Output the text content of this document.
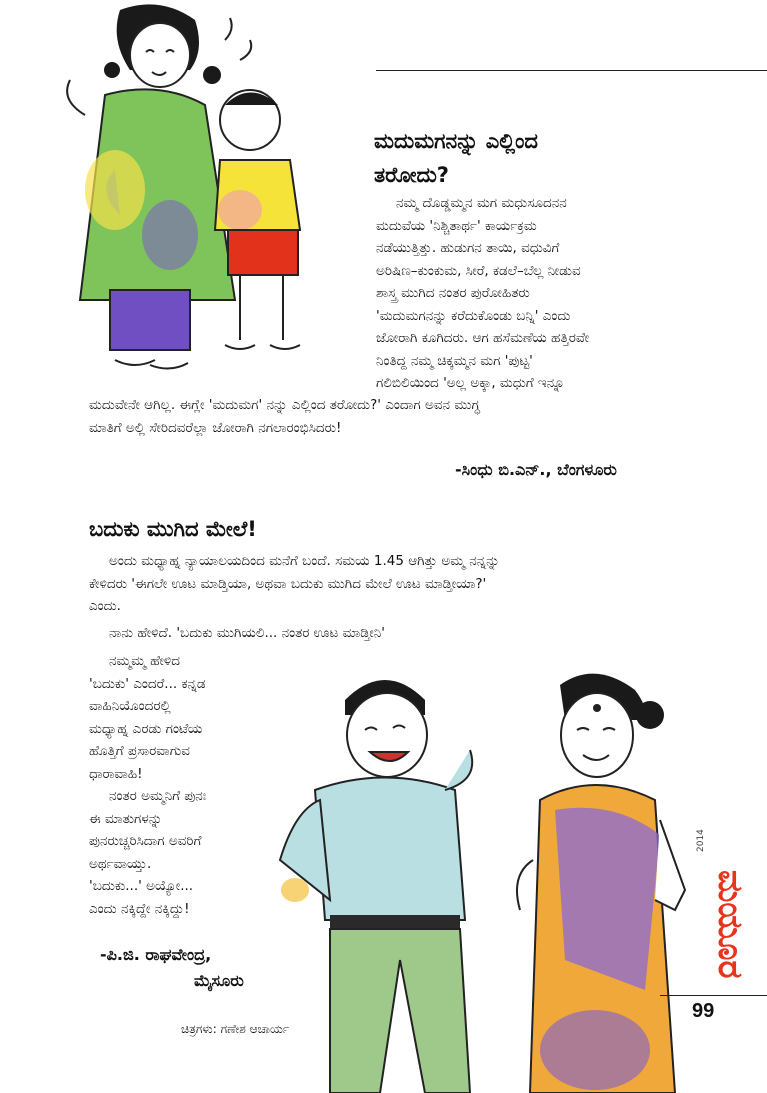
ಮದುಮಗನನ್ನು ಎಲ್ಲಿಂದ
ತರೋದು?

ನಮ್ಮ ದೊಡ್ಡಮ್ಮನ ಮಗ ಮಧುಸೂದನನ

ಮದುವೆಯ 'ನಿಶ್ಚಿತಾರ್ಥ' ಕಾರ್ಯಕ್ರಮ

ನಡೆಯುತ್ತಿತ್ತು. ಹುಡುಗನ ತಾಯಿ, ವಧುವಿಗೆ

ಅರಿಷಿಣ–ಕುಂಕುಮ, ಸೀರೆ, ಕಡಲೆ–ಬೆಲ್ಲ ನೀಡುವ

ಶಾಸ್ತ್ರ ಮುಗಿದ ನಂತರ ಪುರೋಹಿತರು

'ಮದುಮಗನನ್ನು ಕರೆದುಕೊಂಡು ಬನ್ನಿ' ಎಂದು

ಜೋರಾಗಿ ಕೂಗಿದರು. ಆಗ ಹಸೆಮಣೆಯ ಹತ್ತಿರವೇ

ನಿಂತಿದ್ದ ನಮ್ಮ ಚಿಕ್ಕಮ್ಮನ ಮಗ 'ಪುಟ್ಟ'

ಗಲಿಬಿಲಿಯಿಂದ 'ಅಲ್ಲ ಅಕ್ಕಾ, ಮಧುಗೆ ಇನ್ನೂ

ಮದುವೇನೇ ಆಗಿಲ್ಲ. ಈಗ್ಲೇ 'ಮದುಮಗ' ನನ್ನು ಎಲ್ಲಿಂದ ತರೋದು?' ಎಂದಾಗ ಅವನ ಮುಗ್ಧ

ಮಾತಿಗೆ ಅಲ್ಲಿ ಸೇರಿದವರೆಲ್ಲಾ ಜೋರಾಗಿ ನಗಲಾರಂಭಿಸಿದರು!

-ಸಿಂಧು ಬಿ.ಎನ್., ಬೆಂಗಳೂರು
ಬದುಕು ಮುಗಿದ ಮೇಲೆ!

ಅಂದು ಮಧ್ಯಾಹ್ನ ನ್ಯಾಯಾಲಯದಿಂದ ಮನೆಗೆ ಬಂದೆ. ಸಮಯ 1.45 ಆಗಿತ್ತು ಅಮ್ಮ ನನ್ನನ್ನು

ಕೇಳಿದರು 'ಈಗಲೇ ಊಟ ಮಾಡ್ತಿಯಾ, ಅಥವಾ ಬದುಕು ಮುಗಿದ ಮೇಲೆ ಊಟ ಮಾಡ್ತೀಯಾ?'

ಎಂದು.

ನಾನು ಹೇಳಿದೆ. 'ಬದುಕು ಮುಗಿಯಲಿ... ನಂತರ ಊಟ ಮಾಡ್ತೀನಿ'

ನಮ್ಮಮ್ಮ ಹೇಳಿದ

'ಬದುಕು' ಎಂದರೆ... ಕನ್ನಡ

ವಾಹಿನಿಯೊಂದರಲ್ಲಿ

ಮಧ್ಯಾಹ್ನ ಎರಡು ಗಂಟೆಯ

ಹೊತ್ತಿಗೆ ಪ್ರಸಾರವಾಗುವ

ಧಾರಾವಾಹಿ!

ನಂತರ ಅಮ್ಮನಿಗೆ ಪುನಃ

ಈ ಮಾತುಗಳನ್ನು

ಪುನರುಚ್ಚರಿಸಿದಾಗ ಅವರಿಗೆ

ಅರ್ಥವಾಯ್ತು.

'ಬದುಕು...' ಅಯ್ಯೋ...

ಎಂದು ನಕ್ಕಿದ್ದೇ ನಕ್ಕಿದ್ದು!

-ಪಿ.ಜಿ. ರಾಘವೇಂದ್ರ,
ಮೈಸೂರು
2014
ಮಯೂರ
99
ಚಿತ್ರಗಳು: ಗಣೇಶ ಆಚಾರ್ಯ
